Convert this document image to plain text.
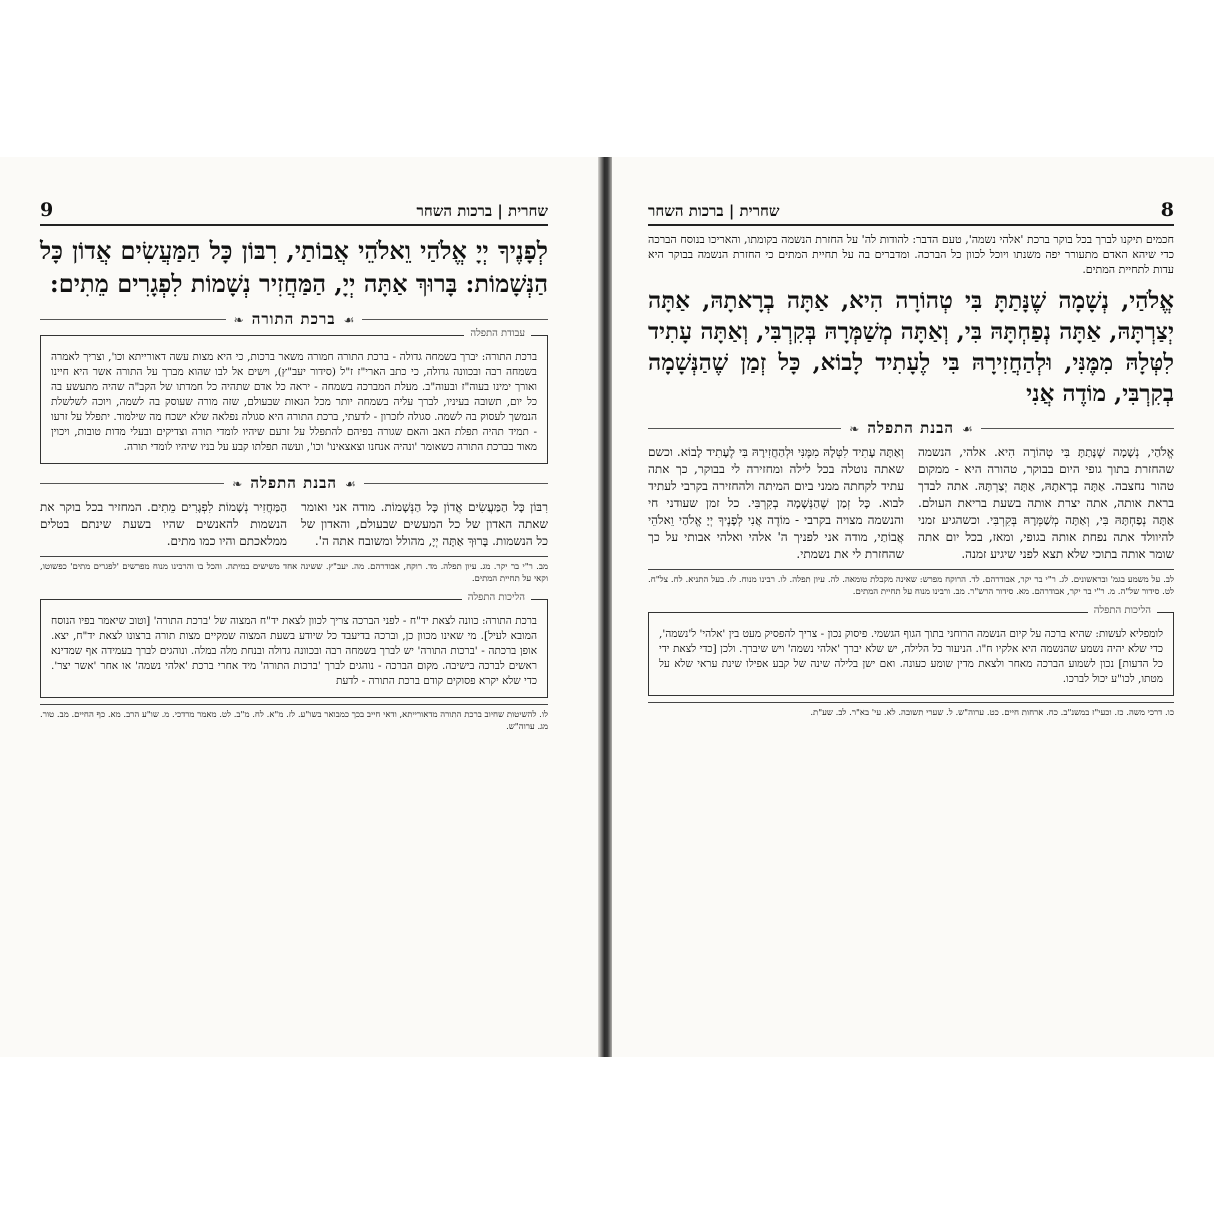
9	שחרית | ברכות השחר
לְפָנֶיךָ יְיָ אֱלֹהַי וֵאלֹהֵי אֲבוֹתַי, רִבּוֹן כָּל הַמַּעֲשִׂים אֲדוֹן כָּל הַנְּשָׁמוֹת: בָּרוּךְ אַתָּה יְיָ, הַמַּחֲזִיר נְשָׁמוֹת לִפְגָרִים מֵתִים:
❧ ברכת התורה ☙
עבודת התפלה
ברכת התורה: יברך בשמחה גדולה - ברכת התורה חמורה משאר ברכות, כי היא מצות עשה דאורייתא וכו', וצריך לאמרה בשמחה רבה ובכוונה גדולה, כי כתב הארי"ז ז"ל (סידור יעב"ץ), וישים אל לבו שהוא מברך על התורה אשר היא חיינו ואורך ימינו בעוה"ז ובעוה"ב. מעלת המברכה בשמחה - יראה כל אדם שתהיה כל חמדתו של הקב"ה שהיה מתעשע בה כל יום, תשובה בעיניו, לברך עליה בשמחה יותר מכל הנאות שבעולם, שזה מורה שעוסק בה לשמה, ויוכה לשלשלת הנמשך לעסוק בה לשמה. סגולה לזכרון - לדעתי, ברכת התורה היא סגולה נפלאה שלא ישכח מה שילמוד. יתפלל על זרעו - תמיד תהיה תפלת האב והאם שגורה בפיהם להתפלל על זרעם שיהיו לומדי תורה וצדיקים ובעלי מדות טובות, ויכוין מאוד בברכת התורה כשאומר 'ונהיה אנחנו וצאצאינו' וכו', ועשה תפלתו קבע על בניו שיהיו לומדי תורה.
❧ הבנת התפלה ☙
רִבּוֹן כָּל הַמַּעֲשִׂים אֲדוֹן כָּל הַנְּשָׁמוֹת. מודה אני ואומר שאתה האדון של כל המעשים שבעולם, והאדון של כל הנשמות. בָּרוּךְ אַתָּה יְיָ, מהולל ומשובח אתה ה'.
הַמַּחֲזִיר נְשָׁמוֹת לִפְגָרִים מֵתִים. המחזיר בכל בוקר את הנשמות להאנשים שהיו בשעת שינתם בטלים ממלאכתם והיו כמו מתים.
מב. ר"י בר יקר. מג. עיון תפלה. מד. רוקח, אבודרהם. מה. יעב"ץ. ששינה אחד משישים במיתה. והכל בו והרבינו מנוח מפרשים 'לפגרים מתים' כפשוטו, וקאי על תחיית המתים.
הליכות התפלה
ברכת התורה: כוונה לצאת יד"ח - לפני הברכה צריך לכוון לצאת יד"ח המצוה של 'ברכת התורה' [וטוב שיאמר בפיו הנוסח המובא לעיל]. מי שאינו מכוון כן, וברכה בדיעבד כל שיודע בשעת המצוה שמקיים מצות תורה ברצונו לצאת יד"ח, יצא. אופן ברכתה - 'ברכות התורה' יש לברך בשמחה רבה ובכוונה גדולה ובנחת מלה במלה. ונוהגים לברך בעמידה אף שמדינא ראשים לברכה בישיבה. מקום הברכה - נוהגים לברך 'ברכות התורה' מיד אחרי ברכת 'אלהי נשמה' או אחר 'אשר יצר'. כדי שלא יקרא פסוקים קודם ברכת התורה - לדעת
לו. להשיטות שחיוב ברכת התורה מדאורייתא, ודאי חייב בכך כמבואר בשו"ע. לז. מ"א. לח. מ"ב. לט. מאמר מרדכי. מ. שו"ע הרב. מא. כף החיים. מב. טור. מג. ערוה"ש.
שחרית | ברכות השחר	8
חכמים תיקנו לברך בכל בוקר ברכת 'אלהי נשמה', טעם הדבר: להודות לה' על החזרת הנשמה בקומתו, והאריכו בנוסח הברכה כדי שיהא האדם מתעורר יפה משנתו ויוכל לכוון כל הברכה. ומדברים בה על תחיית המתים כי החזרת הנשמה בבוקר היא עדות לתחיית המתים.
אֱלֹהַי, נְשָׁמָה שֶׁנָּתַתָּ בִּי טְהוֹרָה הִיא, אַתָּה בְרָאתָהּ, אַתָּה יְצַרְתָּהּ, אַתָּה נְפַחְתָּהּ בִּי, וְאַתָּה מְשַׁמְּרָהּ בְּקִרְבִּי, וְאַתָּה עָתִיד לִטְּלָהּ מִמֶּנִּי, וּלְהַחֲזִירָהּ בִּי לֶעָתִיד לָבוֹא, כָּל זְמַן שֶׁהַנְּשָׁמָה בְקִרְבִּי, מוֹדֶה אֲנִי
❧ הבנת התפלה ☙
אֱלֹהַי, נְשָׁמָה שֶׁנָּתַתָּ בִּי טְהוֹרָה הִיא. אלהי, הנשמה שהחזרת בתוך גופי היום בבוקר, טהורה היא - ממקום טהור נחצבה. אַתָּה בְרָאתָהּ, אַתָּה יְצַרְתָּהּ. אתה לבדך בראת אותה, אתה יצרת אותה בשעת בריאת העולם. אַתָּה נְפַחְתָּהּ בִּי, וְאַתָּה מְשַׁמְּרָהּ בְּקִרְבִּי. וכשהגיע זמני להיוולד אתה נפחת אותה בגופי, ומאז, בכל יום אתה שומר אותה בתוכי שלא תצא לפני שיגיע זמנה.
וְאַתָּה עָתִיד לִטְּלָהּ מִמֶּנִּי וּלְהַחֲזִירָהּ בִּי לֶעָתִיד לָבוֹא. וכשם שאתה נוטלה בכל לילה ומחזירה לי בבוקר, כך אתה עתיד לקחתה ממני ביום המיתה ולהחזירה בקרבי לעתיד לבוא. כָּל זְמַן שֶׁהַנְּשָׁמָה בְקִרְבִּי. כל זמן שעודני חי והנשמה מצויה בקרבי - מוֹדֶה אֲנִי לְפָנֶיךָ יְיָ אֱלֹהַי וֵאלֹהֵי אֲבוֹתַי, מודה אני לפניך ה' אלהי ואלהי אבותי על כך שהחזרת לי את נשמתי.
לב. על משמע בגמ' ובראשונים. לג. ר"י בר יקר, אבודרהם. לד. הרוקח מפרש: שאינה מקבלת טומאה. לה. עיון תפלה. לו. רבינו מנוח. לז. בעל התניא. לח. צל"ח. לט. סידור של"ה. מ. ר"י בר יקר, אבודרהם. מא. סידור הרש"ר. מב. ורבינו מנוח על תחיית המתים.
הליכות התפלה
לומפליא לעשות: שהיא ברכה על קיום הנשמה הרוחני בתוך הגוף הגשמי. פיסוק נכון - צריך להפסיק מעט בין 'אלהי' ל'נשמה', כדי שלא יהיה נשמע שהנשמה היא אלקיו ח"ו. הניעור כל הלילה, יש שלא יברך 'אלהי נשמה' ויש שיברך. ולכן [כדי לצאת ידי כל הדעות] נכון לשמוע הברכה מאחר ולצאת מדין שומע כעונה. ואם ישן בלילה שינה של קבע אפילו שינת עראי שלא על מטתו, לכו"ע יכול לברכו.
כו. דרכי משה. כז. וכעי"ז במשנ"ב. כח. ארחות חיים. כט. ערוה"ש. ל. שערי תשובה. לא. עי' בא"ר. לב. שע"ת.
